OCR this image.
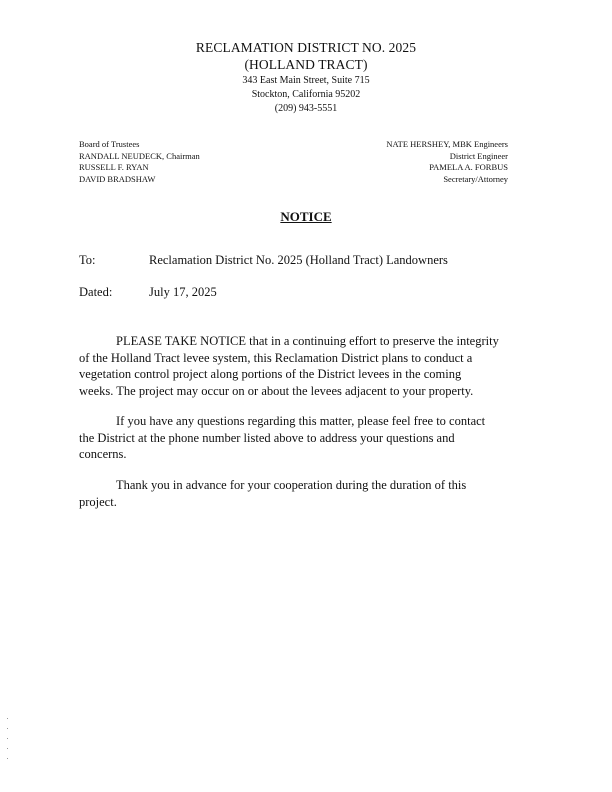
RECLAMATION DISTRICT NO. 2025
(HOLLAND TRACT)
343 East Main Street, Suite 715
Stockton, California 95202
(209) 943-5551
Board of Trustees
RANDALL NEUDECK, Chairman
RUSSELL F. RYAN
DAVID BRADSHAW
NATE HERSHEY, MBK Engineers
District Engineer
PAMELA A. FORBUS
Secretary/Attorney
NOTICE
To:	Reclamation District No. 2025 (Holland Tract) Landowners
Dated:	July 17, 2025
PLEASE TAKE NOTICE that in a continuing effort to preserve the integrity
of the Holland Tract levee system, this Reclamation District plans to conduct a
vegetation control project along portions of the District levees in the coming
weeks. The project may occur on or about the levees adjacent to your property.
If you have any questions regarding this matter, please feel free to contact
the District at the phone number listed above to address your questions and
concerns.
Thank you in advance for your cooperation during the duration of this
project.
